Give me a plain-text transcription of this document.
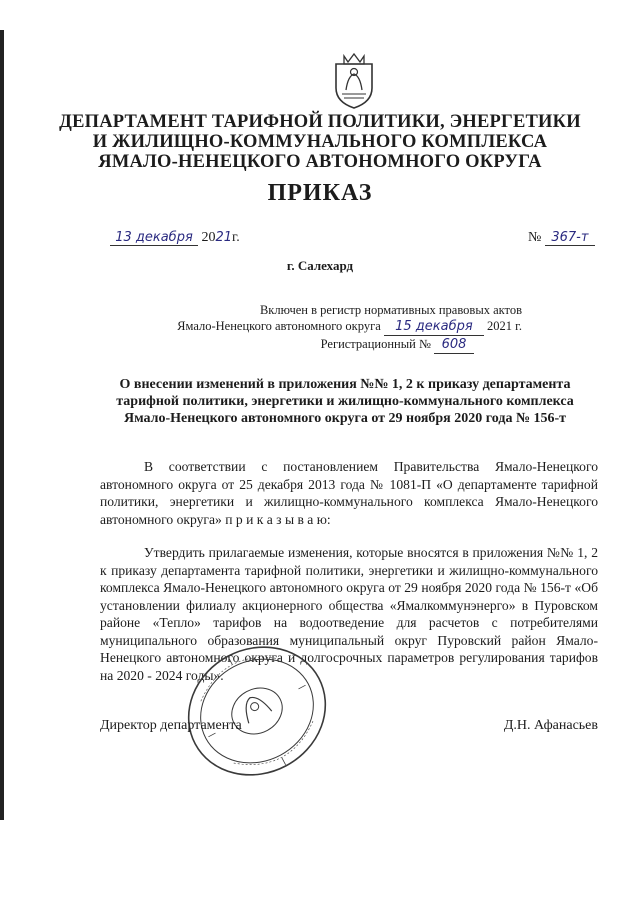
ДЕПАРТАМЕНТ ТАРИФНОЙ ПОЛИТИКИ, ЭНЕРГЕТИКИ
И ЖИЛИЩНО-КОММУНАЛЬНОГО КОМПЛЕКСА
ЯМАЛО-НЕНЕЦКОГО АВТОНОМНОГО ОКРУГА
ПРИКАЗ
13 декабря 2021г.	№ 367-т
г. Салехард
Включен в регистр нормативных правовых актов
Ямало-Ненецкого автономного округа 15 декабря 2021 г.
Регистрационный № 608
О внесении изменений в приложения №№ 1, 2 к приказу департамента тарифной политики, энергетики и жилищно-коммунального комплекса Ямало-Ненецкого автономного округа от 29 ноября 2020 года № 156-т
В соответствии с постановлением Правительства Ямало-Ненецкого автономного округа от 25 декабря 2013 года № 1081-П «О департаменте тарифной политики, энергетики и жилищно-коммунального комплекса Ямало-Ненецкого автономного округа» п р и к а з ы в а ю:
Утвердить прилагаемые изменения, которые вносятся в приложения №№ 1, 2 к приказу департамента тарифной политики, энергетики и жилищно-коммунального комплекса Ямало-Ненецкого автономного округа от 29 ноября 2020 года № 156-т «Об установлении филиалу акционерного общества «Ямалкоммунэнерго» в Пуровском районе «Тепло» тарифов на водоотведение для расчетов с потребителями муниципального образования муниципальный округ Пуровский район Ямало-Ненецкого автономного округа и долгосрочных параметров регулирования тарифов на 2020 - 2024 годы».
Директор департамента	Д.Н. Афанасьев
